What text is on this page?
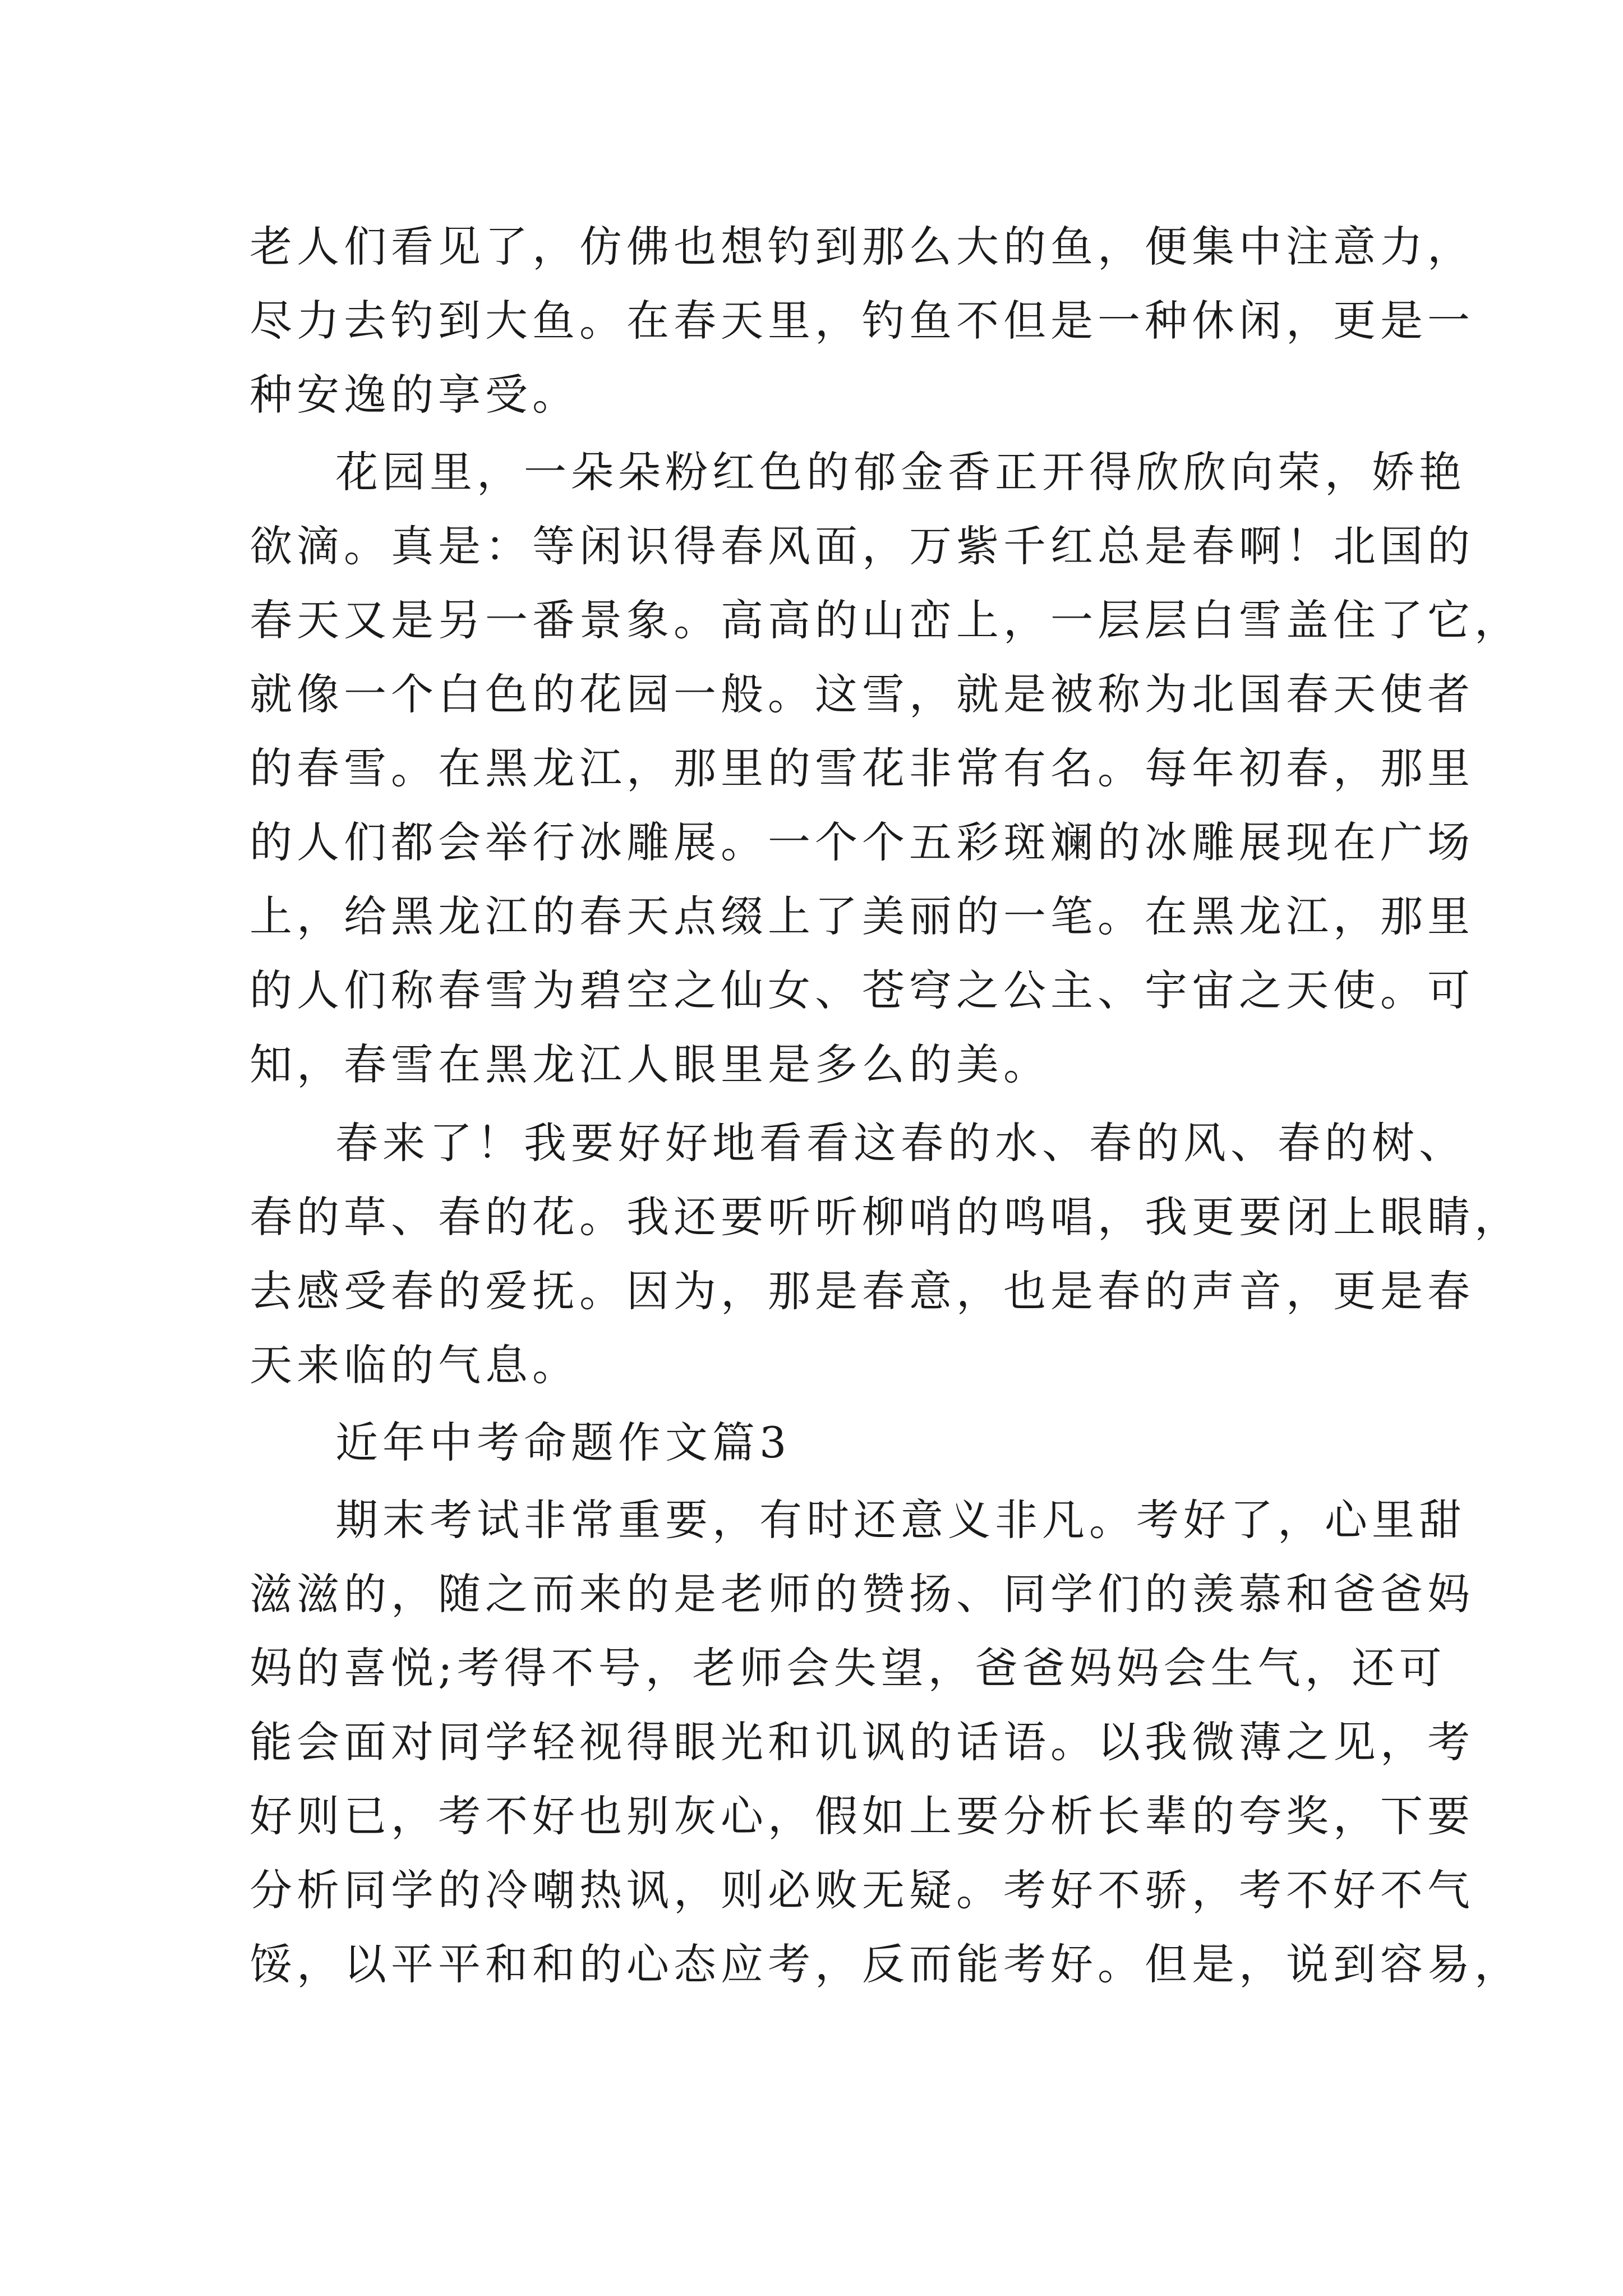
老人们看见了，仿佛也想钓到那么大的鱼，便集中注意力，

尽力去钓到大鱼。在春天里，钓鱼不但是一种休闲，更是一

种安逸的享受。

花园里，一朵朵粉红色的郁金香正开得欣欣向荣，娇艳

欲滴。真是：等闲识得春风面，万紫千红总是春啊！北国的

春天又是另一番景象。高高的山峦上，一层层白雪盖住了它，

就像一个白色的花园一般。这雪，就是被称为北国春天使者

的春雪。在黑龙江，那里的雪花非常有名。每年初春，那里

的人们都会举行冰雕展。一个个五彩斑斓的冰雕展现在广场

上，给黑龙江的春天点缀上了美丽的一笔。在黑龙江，那里

的人们称春雪为碧空之仙女、苍穹之公主、宇宙之天使。可

知，春雪在黑龙江人眼里是多么的美。

春来了！我要好好地看看这春的水、春的风、春的树、

春的草、春的花。我还要听听柳哨的鸣唱，我更要闭上眼睛，

去感受春的爱抚。因为，那是春意，也是春的声音，更是春

天来临的气息。

近年中考命题作文篇3

期末考试非常重要，有时还意义非凡。考好了，心里甜

滋滋的，随之而来的是老师的赞扬、同学们的羡慕和爸爸妈

妈的喜悦;考得不号，老师会失望，爸爸妈妈会生气，还可

能会面对同学轻视得眼光和讥讽的话语。以我微薄之见，考

好则已，考不好也别灰心，假如上要分析长辈的夸奖，下要

分析同学的冷嘲热讽，则必败无疑。考好不骄，考不好不气

馁，以平平和和的心态应考，反而能考好。但是，说到容易，
